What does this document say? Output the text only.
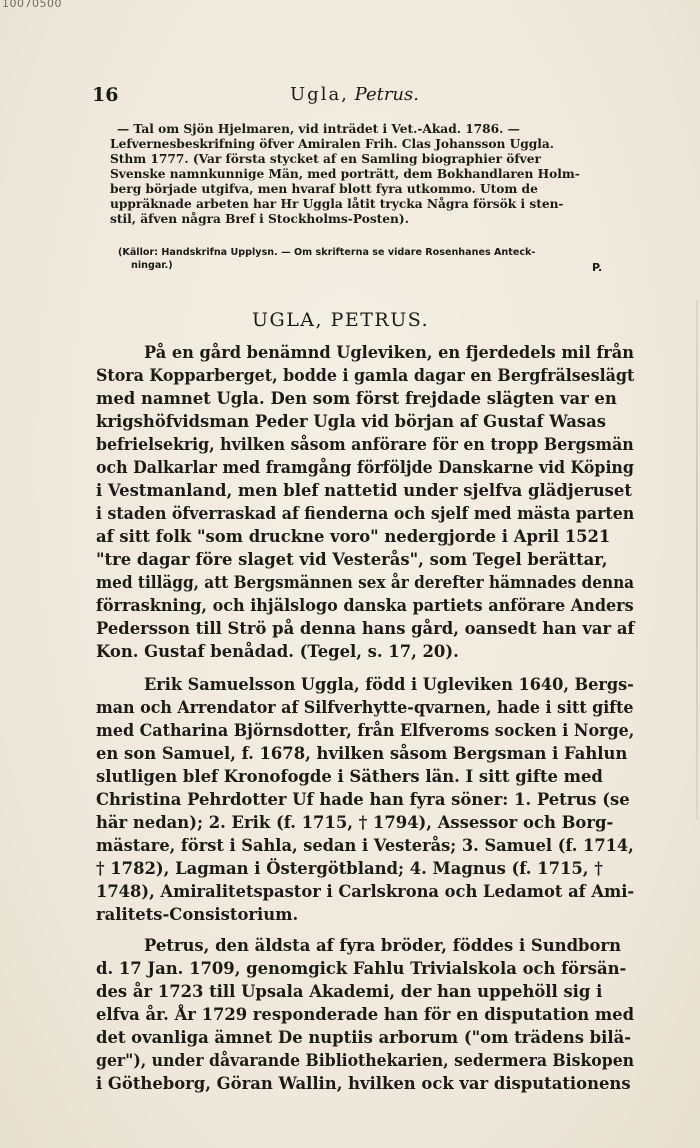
10070500
16	Ugla, Petrus.
— Tal om Sjön Hjelmaren, vid inträdet i Vet.-Akad. 1786. —
Lefvernesbeskrifning öfver Amiralen Frih. Clas Johansson Uggla.
Sthm 1777. (Var första stycket af en Samling biographier öfver
Svenske namnkunnige Män, med porträtt, dem Bokhandlaren Holm-
berg började utgifva, men hvaraf blott fyra utkommo. Utom de
uppräknade arbeten har Hr Uggla låtit trycka Några försök i sten-
stil, äfven några Bref i Stockholms-Posten).
(Källor: Handskrifna Upplysn. — Om skrifterna se vidare Rosenhanes Anteck-
ningar.)	P.
UGLA, PETRUS.
På en gård benämnd Ugleviken, en fjerdedels mil från
Stora Kopparberget, bodde i gamla dagar en Bergfrälseslägt
med namnet Ugla. Den som först frejdade slägten var en
krigshöfvidsman Peder Ugla vid början af Gustaf Wasas
befrielsekrig, hvilken såsom anförare för en tropp Bergsmän
och Dalkarlar med framgång förföljde Danskarne vid Köping
i Vestmanland, men blef nattetid under sjelfva glädjeruset
i staden öfverraskad af fienderna och sjelf med mästa parten
af sitt folk "som druckne voro" nedergjorde i April 1521
"tre dagar före slaget vid Vesterås", som Tegel berättar,
med tillägg, att Bergsmännen sex år derefter hämnades denna
förraskning, och ihjälslogo danska partiets anförare Anders
Pedersson till Strö på denna hans gård, oansedt han var af
Kon. Gustaf benådad. (Tegel, s. 17, 20).
Erik Samuelsson Uggla, född i Ugleviken 1640, Bergs-
man och Arrendator af Silfverhytte-qvarnen, hade i sitt gifte
med Catharina Björnsdotter, från Elfveroms socken i Norge,
en son Samuel, f. 1678, hvilken såsom Bergsman i Fahlun
slutligen blef Kronofogde i Säthers län. I sitt gifte med
Christina Pehrdotter Uf hade han fyra söner: 1. Petrus (se
här nedan); 2. Erik (f. 1715, † 1794), Assessor och Borg-
mästare, först i Sahla, sedan i Vesterås; 3. Samuel (f. 1714,
† 1782), Lagman i Östergötbland; 4. Magnus (f. 1715, †
1748), Amiralitetspastor i Carlskrona och Ledamot af Ami-
ralitets-Consistorium.
Petrus, den äldsta af fyra bröder, föddes i Sundborn
d. 17 Jan. 1709, genomgick Fahlu Trivialskola och försän-
des år 1723 till Upsala Akademi, der han uppehöll sig i
elfva år. År 1729 responderade han för en disputation med
det ovanliga ämnet De nuptiis arborum ("om trädens bilä-
ger"), under dåvarande Bibliothekarien, sedermera Biskopen
i Götheborg, Göran Wallin, hvilken ock var disputationens
